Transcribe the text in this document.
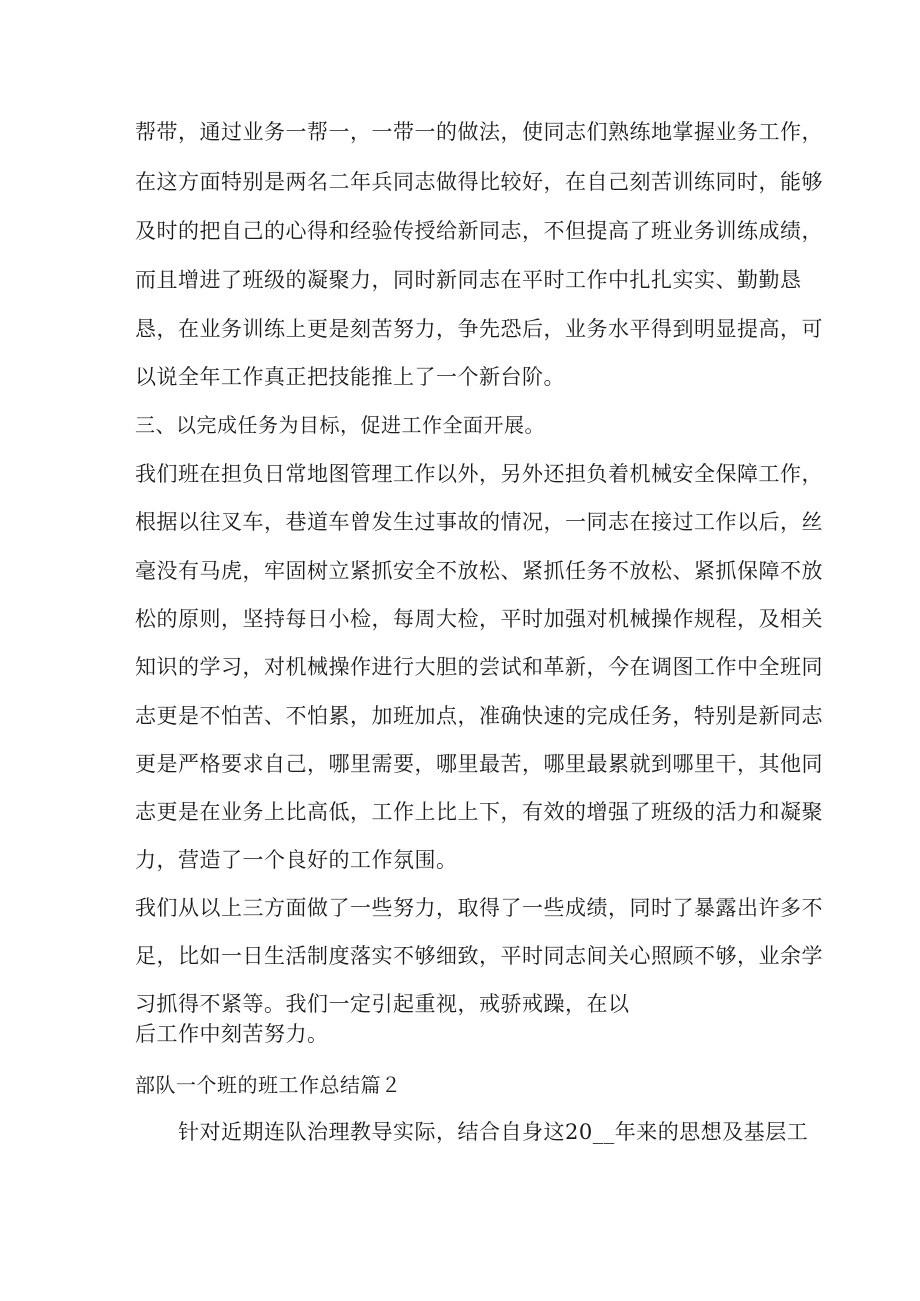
帮带，通过业务一帮一，一带一的做法，使同志们熟练地掌握业务工作，
在这方面特别是两名二年兵同志做得比较好，在自己刻苦训练同时，能够
及时的把自己的心得和经验传授给新同志，不但提高了班业务训练成绩，
而且增进了班级的凝聚力，同时新同志在平时工作中扎扎实实、勤勤恳
恳，在业务训练上更是刻苦努力，争先恐后，业务水平得到明显提高，可
以说全年工作真正把技能推上了一个新台阶。
三、以完成任务为目标，促进工作全面开展。
我们班在担负日常地图管理工作以外，另外还担负着机械安全保障工作，
根据以往叉车，巷道车曾发生过事故的情况，一同志在接过工作以后，丝
毫没有马虎，牢固树立紧抓安全不放松、紧抓任务不放松、紧抓保障不放
松的原则，坚持每日小检，每周大检，平时加强对机械操作规程，及相关
知识的学习，对机械操作进行大胆的尝试和革新，今在调图工作中全班同
志更是不怕苦、不怕累，加班加点，准确快速的完成任务，特别是新同志
更是严格要求自己，哪里需要，哪里最苦，哪里最累就到哪里干，其他同
志更是在业务上比高低，工作上比上下，有效的增强了班级的活力和凝聚
力，营造了一个良好的工作氛围。
我们从以上三方面做了一些努力，取得了一些成绩，同时了暴露出许多不
足，比如一日生活制度落实不够细致，平时同志间关心照顾不够，业余学
习抓得不紧等。我们一定引起重视，戒骄戒躁，在以
后工作中刻苦努力。
部队一个班的班工作总结篇２
针对近期连队治理教导实际，结合自身这20__年来的思想及基层工
